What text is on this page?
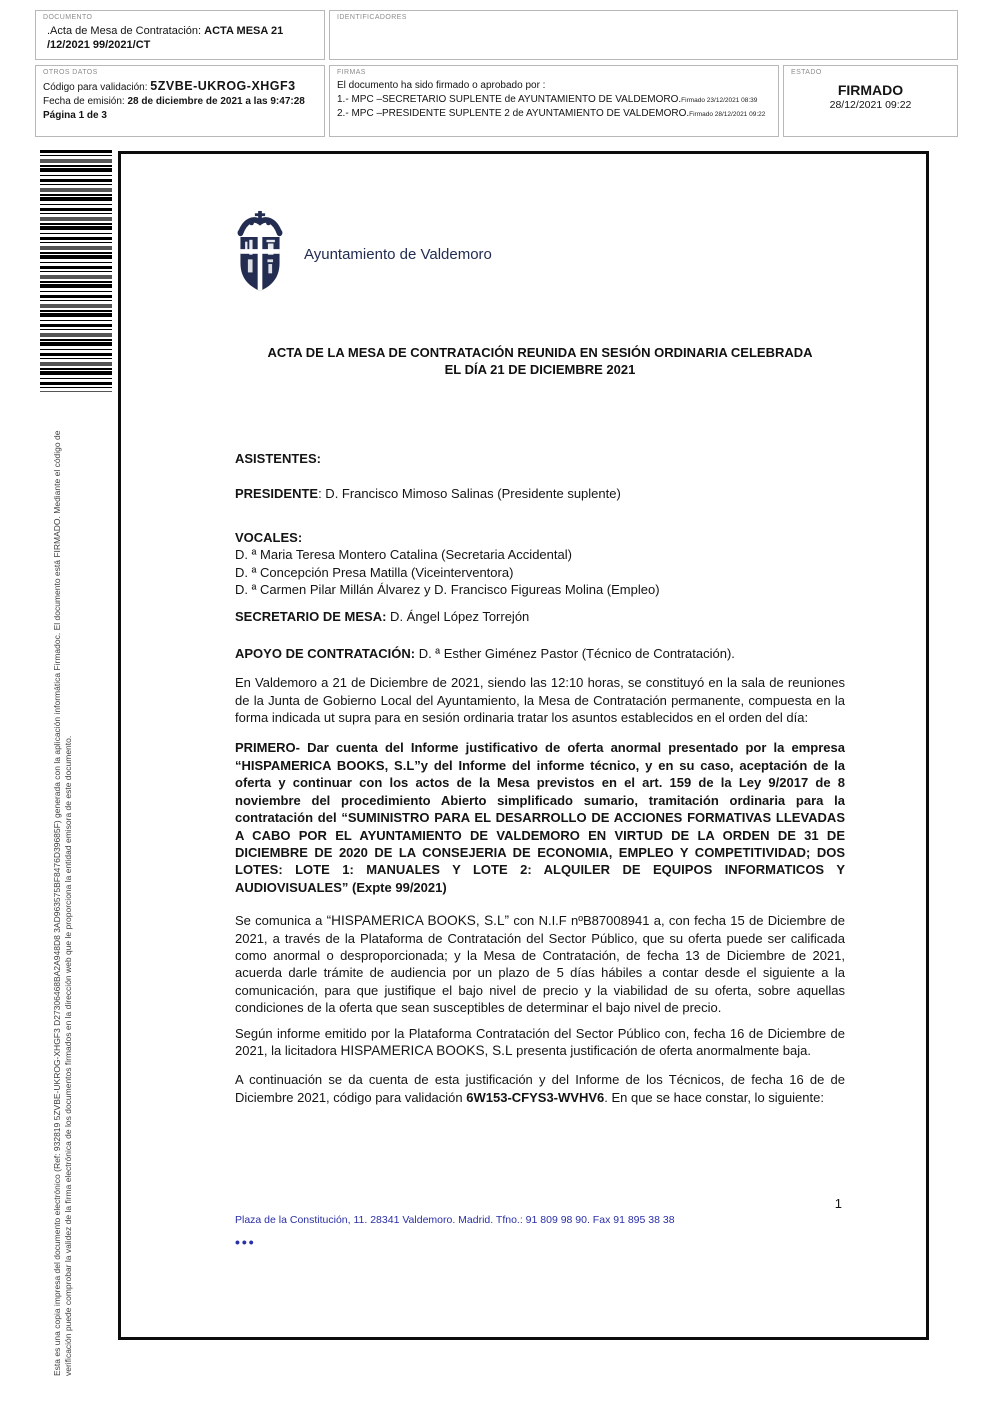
DOCUMENTO
.Acta de Mesa de Contratación: ACTA MESA 21 /12/2021 99/2021/CT
IDENTIFICADORES
OTROS DATOS
Código para validación: 5ZVBE-UKROG-XHGF3
Fecha de emisión: 28 de diciembre de 2021 a las 9:47:28
Página 1 de 3
FIRMAS
El documento ha sido firmado o aprobado por :
1.- MPC –SECRETARIO SUPLENTE de AYUNTAMIENTO DE VALDEMORO.Firmado 23/12/2021 08:39
2.- MPC –PRESIDENTE SUPLENTE 2 de AYUNTAMIENTO DE VALDEMORO.Firmado 28/12/2021 09:22
ESTADO
FIRMADO
28/12/2021 09:22
Esta es una copia impresa del documento electrónico (Ref: 932819 5ZVBE-UKROG-XHGF3 D27306468BA2A948D8 3AD963575BF8476D39685F) generada con la aplicación informática Firmadoc. El documento está FIRMADO. Mediante el código de verificación puede comprobar la validez de la firma electrónica de los documentos firmados en la dirección web que le proporciona la entidad emisora de este documento.
Ayuntamiento de Valdemoro
ACTA DE LA MESA DE CONTRATACIÓN REUNIDA EN SESIÓN ORDINARIA CELEBRADA
EL DÍA 21 DE DICIEMBRE 2021
ASISTENTES:
PRESIDENTE: D. Francisco Mimoso Salinas (Presidente suplente)
VOCALES:
D. ª Maria Teresa Montero Catalina (Secretaria Accidental)
D. ª Concepción Presa Matilla (Viceinterventora)
D. ª Carmen Pilar Millán Álvarez y D. Francisco Figureas Molina (Empleo)
SECRETARIO DE MESA: D. Ángel López Torrejón
APOYO DE CONTRATACIÓN: D. ª Esther Giménez Pastor (Técnico de Contratación).
En Valdemoro a 21 de Diciembre de 2021, siendo las 12:10 horas, se constituyó en la sala de reuniones de la Junta de Gobierno Local del Ayuntamiento, la Mesa de Contratación permanente, compuesta en la forma indicada ut supra para en sesión ordinaria tratar los asuntos establecidos en el orden del día:
PRIMERO- Dar cuenta del Informe justificativo de oferta anormal presentado por la empresa “HISPAMERICA BOOKS, S.L”y del Informe del informe técnico, y en su caso, aceptación de la oferta y continuar con los actos de la Mesa previstos en el art. 159 de la Ley 9/2017 de 8 noviembre del procedimiento Abierto simplificado sumario, tramitación ordinaria para la contratación del “SUMINISTRO PARA EL DESARROLLO DE ACCIONES FORMATIVAS LLEVADAS A CABO POR EL AYUNTAMIENTO DE VALDEMORO EN VIRTUD DE LA ORDEN DE 31 DE DICIEMBRE DE 2020 DE LA CONSEJERIA DE ECONOMIA, EMPLEO Y COMPETITIVIDAD; DOS LOTES: LOTE 1: MANUALES Y LOTE 2: ALQUILER DE EQUIPOS INFORMATICOS Y AUDIOVISUALES” (Expte 99/2021)
Se comunica a “HISPAMERICA BOOKS, S.L” con N.I.F nºB87008941 a, con fecha 15 de Diciembre de 2021, a través de la Plataforma de Contratación del Sector Público, que su oferta puede ser calificada como anormal o desproporcionada; y la Mesa de Contratación, de fecha 13 de Diciembre de 2021, acuerda darle trámite de audiencia por un plazo de 5 días hábiles a contar desde el siguiente a la comunicación, para que justifique el bajo nivel de precio y la viabilidad de su oferta, sobre aquellas condiciones de la oferta que sean susceptibles de determinar el bajo nivel de precio.
Según informe emitido por la Plataforma Contratación del Sector Público con, fecha 16 de Diciembre de 2021, la licitadora HISPAMERICA BOOKS, S.L presenta justificación de oferta anormalmente baja.
A continuación se da cuenta de esta justificación y del Informe de los Técnicos, de fecha 16 de de Diciembre 2021, código para validación 6W153-CFYS3-WVHV6. En que se hace constar, lo siguiente:
1
Plaza de la Constitución, 11. 28341 Valdemoro. Madrid. Tfno.: 91 809 98 90. Fax 91 895 38 38
•••
